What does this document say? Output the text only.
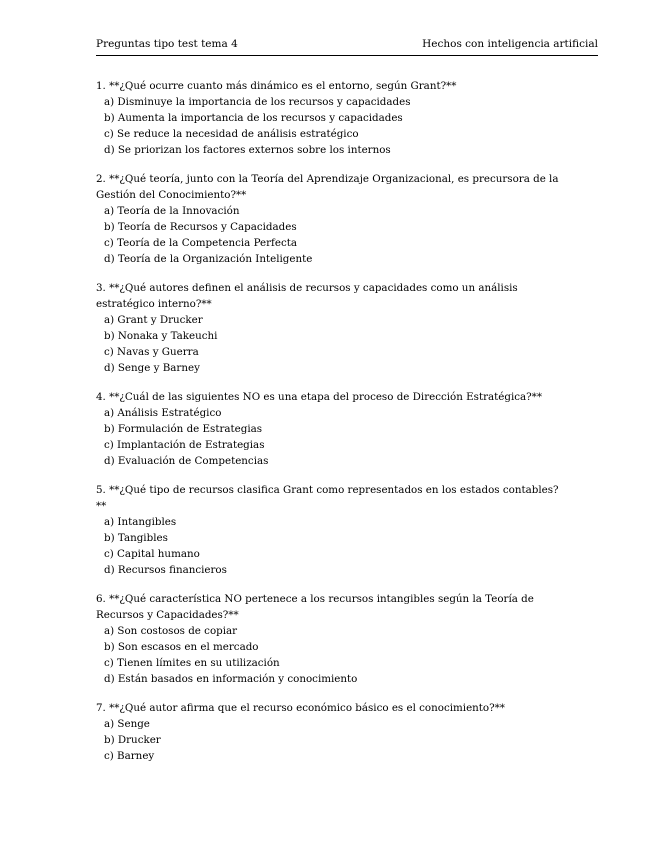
Preguntas tipo test tema 4	Hechos con inteligencia artificial
1. **¿Qué ocurre cuanto más dinámico es el entorno, según Grant?**
a) Disminuye la importancia de los recursos y capacidades
b) Aumenta la importancia de los recursos y capacidades
c) Se reduce la necesidad de análisis estratégico
d) Se priorizan los factores externos sobre los internos
2. **¿Qué teoría, junto con la Teoría del Aprendizaje Organizacional, es precursora de la Gestión del Conocimiento?**
a) Teoría de la Innovación
b) Teoría de Recursos y Capacidades
c) Teoría de la Competencia Perfecta
d) Teoría de la Organización Inteligente
3. **¿Qué autores definen el análisis de recursos y capacidades como un análisis estratégico interno?**
a) Grant y Drucker
b) Nonaka y Takeuchi
c) Navas y Guerra
d) Senge y Barney
4. **¿Cuál de las siguientes NO es una etapa del proceso de Dirección Estratégica?**
a) Análisis Estratégico
b) Formulación de Estrategias
c) Implantación de Estrategias
d) Evaluación de Competencias
5. **¿Qué tipo de recursos clasifica Grant como representados en los estados contables?**
a) Intangibles
b) Tangibles
c) Capital humano
d) Recursos financieros
6. **¿Qué característica NO pertenece a los recursos intangibles según la Teoría de Recursos y Capacidades?**
a) Son costosos de copiar
b) Son escasos en el mercado
c) Tienen límites en su utilización
d) Están basados en información y conocimiento
7. **¿Qué autor afirma que el recurso económico básico es el conocimiento?**
a) Senge
b) Drucker
c) Barney
